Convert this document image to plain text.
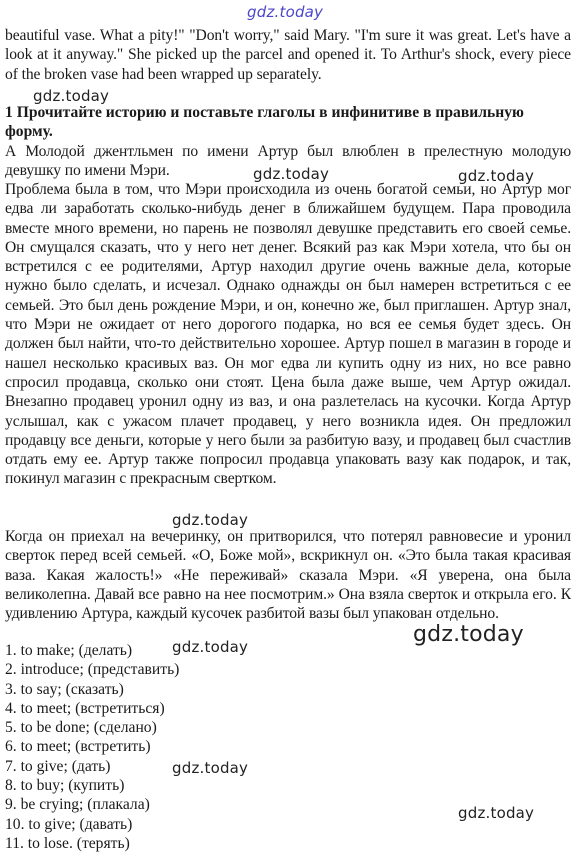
beautiful vase. What a pity!" "Don't worry," said Mary. "I'm sure it was great. Let's have a look at it anyway." She picked up the parcel and opened it. To Arthur's shock, every piece of the broken vase had been wrapped up separately.

1 Прочитайте историю и поставьте глаголы в инфинитиве в правильную форму.

А Молодой джентльмен по имени Артур был влюблен в прелестную молодую девушку по имени Мэри.

Проблема была в том, что Мэри происходила из очень богатой семьи, но Артур мог едва ли заработать сколько-нибудь денег в ближайшем будущем. Пара проводила вместе много времени, но парень не позволял девушке представить его своей семье. Он смущался сказать, что у него нет денег. Всякий раз как Мэри хотела, что бы он встретился с ее родителями, Артур находил другие очень важные дела, которые нужно было сделать, и исчезал. Однако однажды он был намерен встретиться с ее семьей. Это был день рождение Мэри, и он, конечно же, был приглашен. Артур знал, что Мэри не ожидает от него дорогого подарка, но вся ее семья будет здесь. Он должен был найти, что-то действительно хорошее. Артур пошел в магазин в городе и нашел несколько красивых ваз. Он мог едва ли купить одну из них, но все равно спросил продавца, сколько они стоят. Цена была даже выше, чем Артур ожидал. Внезапно продавец уронил одну из ваз, и она разлетелась на кусочки. Когда Артур услышал, как с ужасом плачет продавец, у него возникла идея. Он предложил продавцу все деньги, которые у него были за разбитую вазу, и продавец был счастлив отдать ему ее. Артур также попросил продавца упаковать вазу как подарок, и так, покинул магазин с прекрасным свертком.

Когда он приехал на вечеринку, он притворился, что потерял равновесие и уронил сверток перед всей семьей. «О, Боже мой», вскрикнул он. «Это была такая красивая ваза. Какая жалость!» «Не переживай» сказала Мэри. «Я уверена, она была великолепна. Давай все равно на нее посмотрим.» Она взяла сверток и открыла его. К удивлению Артура, каждый кусочек разбитой вазы был упакован отдельно.

1. to make; (делать)
2. introduce; (представить)
3. to say; (сказать)
4. to meet; (встретиться)
5. to be done; (сделано)
6. to meet; (встретить)
7. to give; (дать)
8. to buy; (купить)
9. be crying; (плакала)
10. to give; (давать)
11. to lose. (терять)
gdz.today
gdz.today
gdz.today	gdz.today
gdz.today
gdz.today
gdz.today
gdz.today
gdz.today
